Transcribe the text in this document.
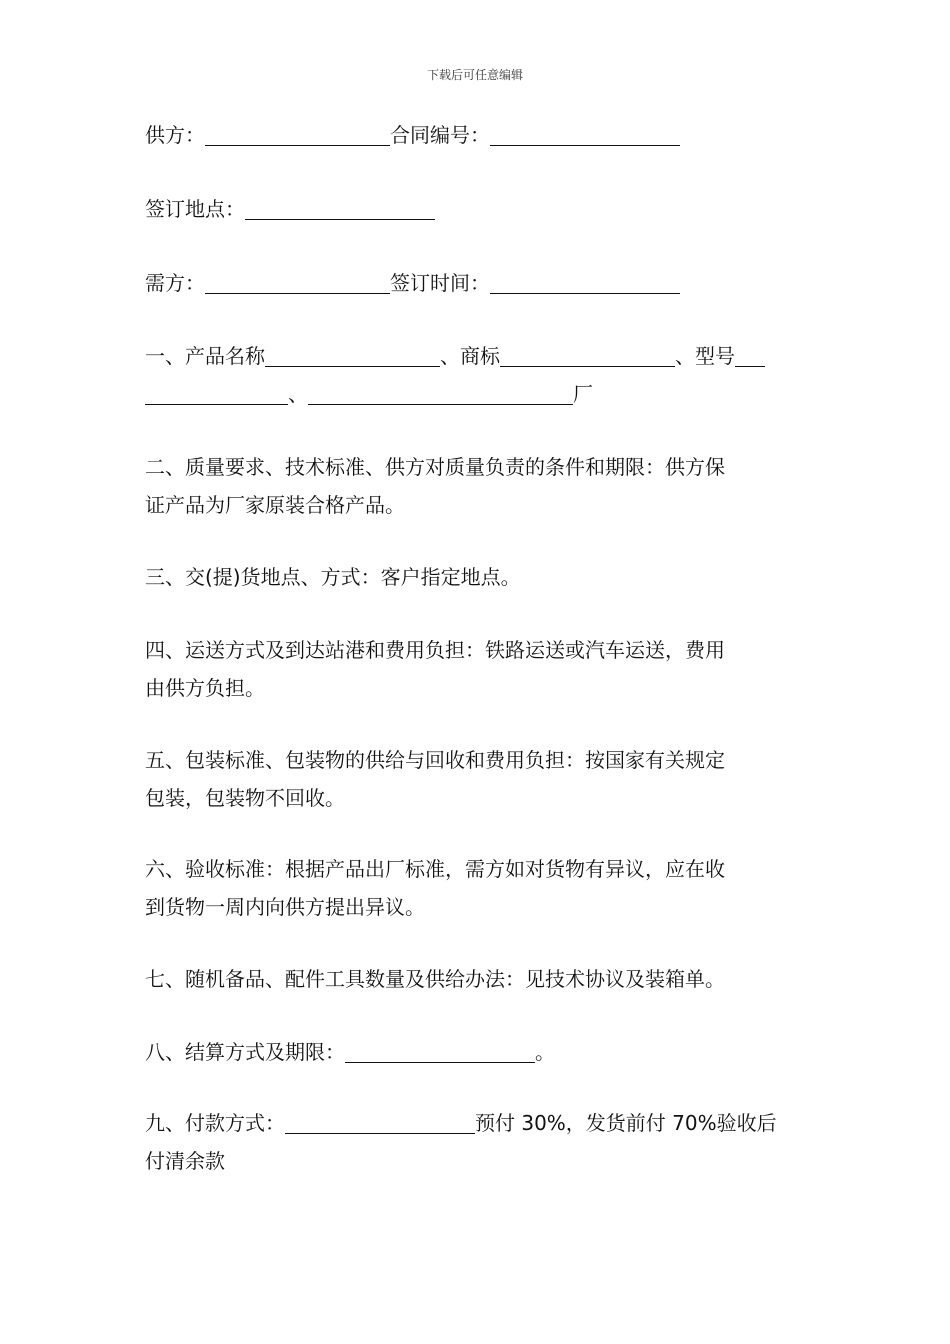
下载后可任意编辑
供方：	合同编号：
签订地点：
需方：	签订时间：
一、产品名称	、商标	、型号
、	厂
二、质量要求、技术标准、供方对质量负责的条件和期限：供方保
证产品为厂家原装合格产品。
三、交(提)货地点、方式：客户指定地点。
四、运送方式及到达站港和费用负担：铁路运送或汽车运送，费用
由供方负担。
五、包装标准、包装物的供给与回收和费用负担：按国家有关规定
包装，包装物不回收。
六、验收标准：根据产品出厂标准，需方如对货物有异议，应在收
到货物一周内向供方提出异议。
七、随机备品、配件工具数量及供给办法：见技术协议及装箱单。
八、结算方式及期限：	。
九、付款方式：	预付 30%，发货前付 70%验收后
付清余款
